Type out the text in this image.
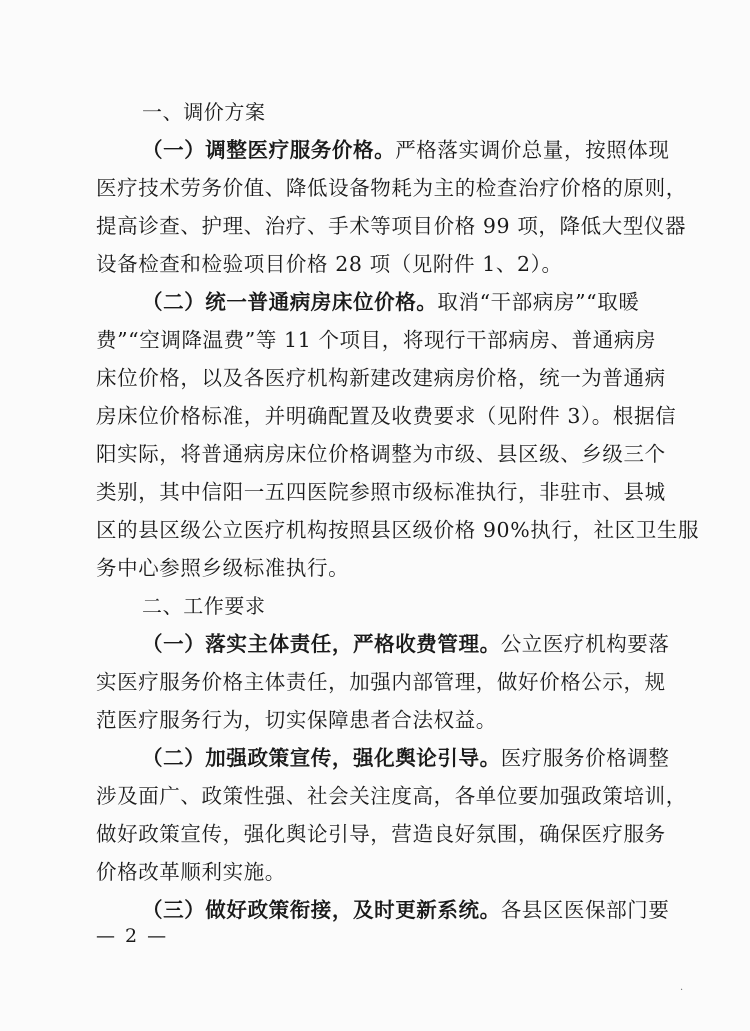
一、调价方案
（一）调整医疗服务价格。严格落实调价总量，按照体现
医疗技术劳务价值、降低设备物耗为主的检查治疗价格的原则，
提高诊查、护理、治疗、手术等项目价格 99 项，降低大型仪器
设备检查和检验项目价格 28 项（见附件 1、2）。
（二）统一普通病房床位价格。取消“干部病房”“取暖
费”“空调降温费”等 11 个项目，将现行干部病房、普通病房
床位价格，以及各医疗机构新建改建病房价格，统一为普通病
房床位价格标准，并明确配置及收费要求（见附件 3）。根据信
阳实际，将普通病房床位价格调整为市级、县区级、乡级三个
类别，其中信阳一五四医院参照市级标准执行，非驻市、县城
区的县区级公立医疗机构按照县区级价格 90%执行，社区卫生服
务中心参照乡级标准执行。
二、工作要求
（一）落实主体责任，严格收费管理。公立医疗机构要落
实医疗服务价格主体责任，加强内部管理，做好价格公示，规
范医疗服务行为，切实保障患者合法权益。
（二）加强政策宣传，强化舆论引导。医疗服务价格调整
涉及面广、政策性强、社会关注度高，各单位要加强政策培训，
做好政策宣传，强化舆论引导，营造良好氛围，确保医疗服务
价格改革顺利实施。
（三）做好政策衔接，及时更新系统。各县区医保部门要
— 2 —
·
